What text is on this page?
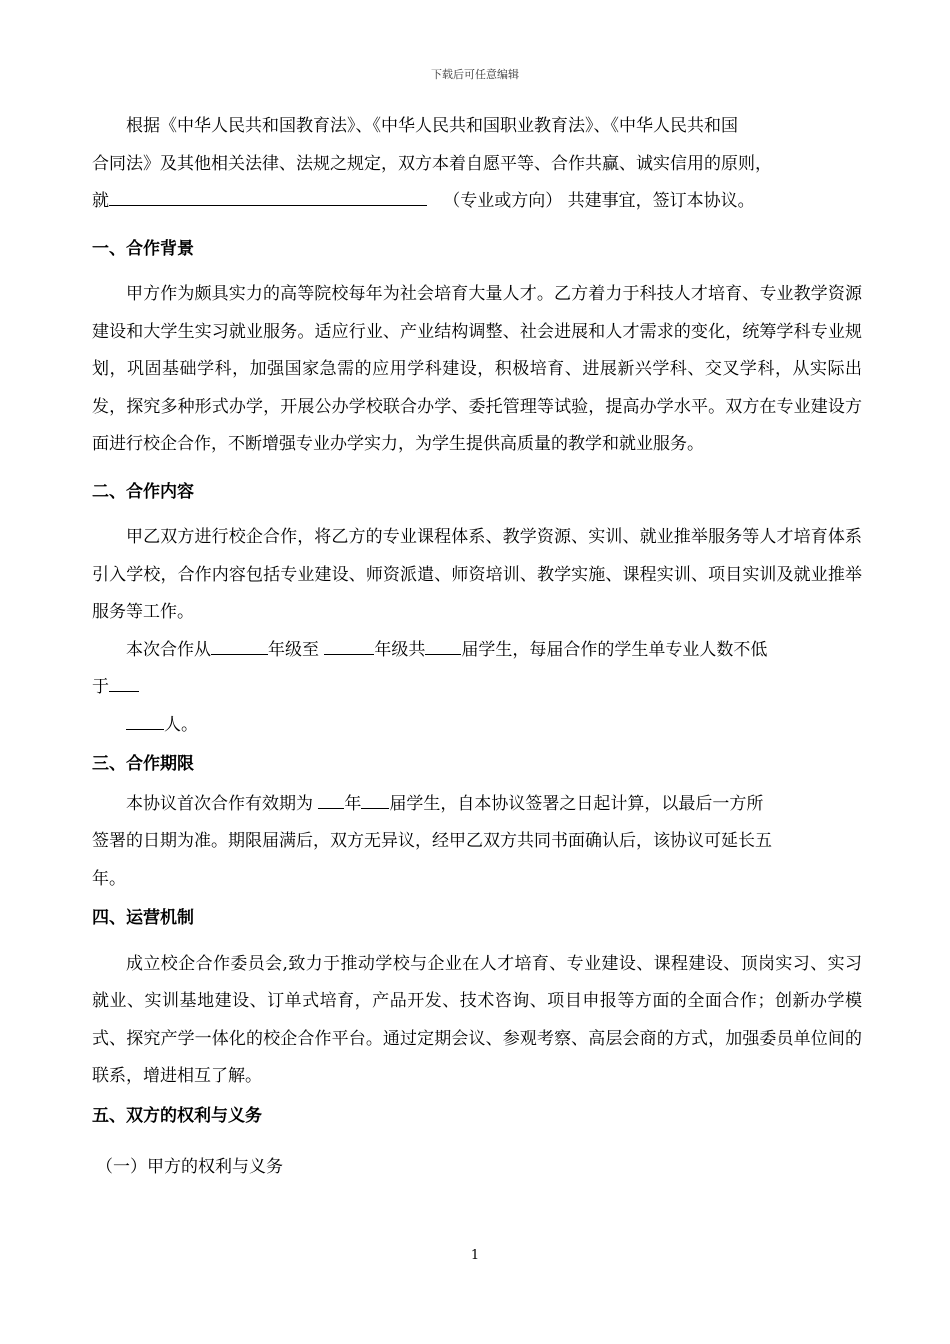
下载后可任意编辑

根据《中华人民共和国教育法》、《中华人民共和国职业教育法》、《中华人民共和国

合同法》及其他相关法律、法规之规定，双方本着自愿平等、合作共赢、诚实信用的原则，

就	（专业或方向） 共建事宜，签订本协议。

一、合作背景

甲方作为颇具实力的高等院校每年为社会培育大量人才。乙方着力于科技人才培育、专业教学资源建设和大学生实习就业服务。适应行业、产业结构调整、社会进展和人才需求的变化，统筹学科专业规划，巩固基础学科，加强国家急需的应用学科建设，积极培育、进展新兴学科、交叉学科，从实际出发，探究多种形式办学，开展公办学校联合办学、委托管理等试验，提高办学水平。双方在专业建设方面进行校企合作，不断增强专业办学实力，为学生提供高质量的教学和就业服务。

二、合作内容

甲乙双方进行校企合作，将乙方的专业课程体系、教学资源、实训、就业推举服务等人才培育体系引入学校，合作内容包括专业建设、师资派遣、师资培训、教学实施、课程实训、项目实训及就业推举服务等工作。

本次合作从	年级至	年级共 届学生，每届合作的学生单专业人数不低

于

人。

三、合作期限

本协议首次合作有效期为 年 届学生，自本协议签署之日起计算，以最后一方所

签署的日期为准。期限届满后，双方无异议，经甲乙双方共同书面确认后，该协议可延长五

年。

四、运营机制

成立校企合作委员会,致力于推动学校与企业在人才培育、专业建设、课程建设、顶岗实习、实习就业、实训基地建设、订单式培育，产品开发、技术咨询、项目申报等方面的全面合作；创新办学模式、探究产学一体化的校企合作平台。通过定期会议、参观考察、高层会商的方式，加强委员单位间的联系，增进相互了解。

五、双方的权利与义务

（一）甲方的权利与义务

1
